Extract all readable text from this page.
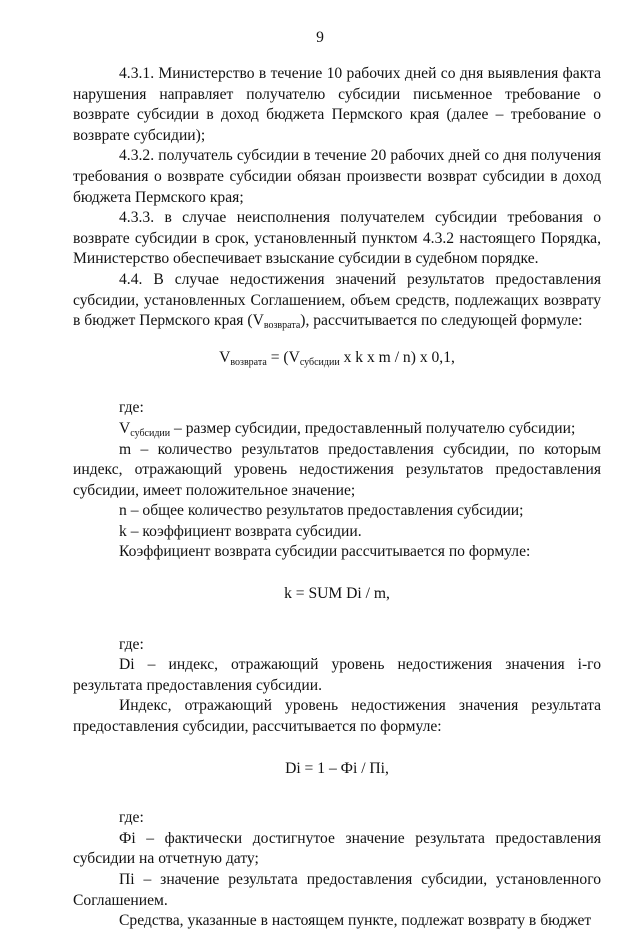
9

4.3.1. Министерство в течение 10 рабочих дней со дня выявления факта нарушения направляет получателю субсидии письменное требование о возврате субсидии в доход бюджета Пермского края (далее – требование о возврате субсидии);

4.3.2. получатель субсидии в течение 20 рабочих дней со дня получения требования о возврате субсидии обязан произвести возврат субсидии в доход бюджета Пермского края;

4.3.3. в случае неисполнения получателем субсидии требования о возврате субсидии в срок, установленный пунктом 4.3.2 настоящего Порядка, Министерство обеспечивает взыскание субсидии в судебном порядке.

4.4. В случае недостижения значений результатов предоставления субсидии, установленных Соглашением, объем средств, подлежащих возврату в бюджет Пермского края $(V_{возврата})$, рассчитывается по следующей формуле:

$V_{возврата} = (V_{субсидии}$ x k x m / n) x 0,1,

где:

$V_{субсидии}$ – размер субсидии, предоставленный получателю субсидии;

m – количество результатов предоставления субсидии, по которым индекс, отражающий уровень недостижения результатов предоставления субсидии, имеет положительное значение;

n – общее количество результатов предоставления субсидии;

k – коэффициент возврата субсидии.

Коэффициент возврата субсидии рассчитывается по формуле:

k = SUM Di / m,

где:

Di – индекс, отражающий уровень недостижения значения i-го результата предоставления субсидии.

Индекс, отражающий уровень недостижения значения результата предоставления субсидии, рассчитывается по формуле:

Di = 1 – Фi / Пi,

где:

Фi – фактически достигнутое значение результата предоставления субсидии на отчетную дату;

Пi – значение результата предоставления субсидии, установленного Соглашением.

Средства, указанные в настоящем пункте, подлежат возврату в бюджет
